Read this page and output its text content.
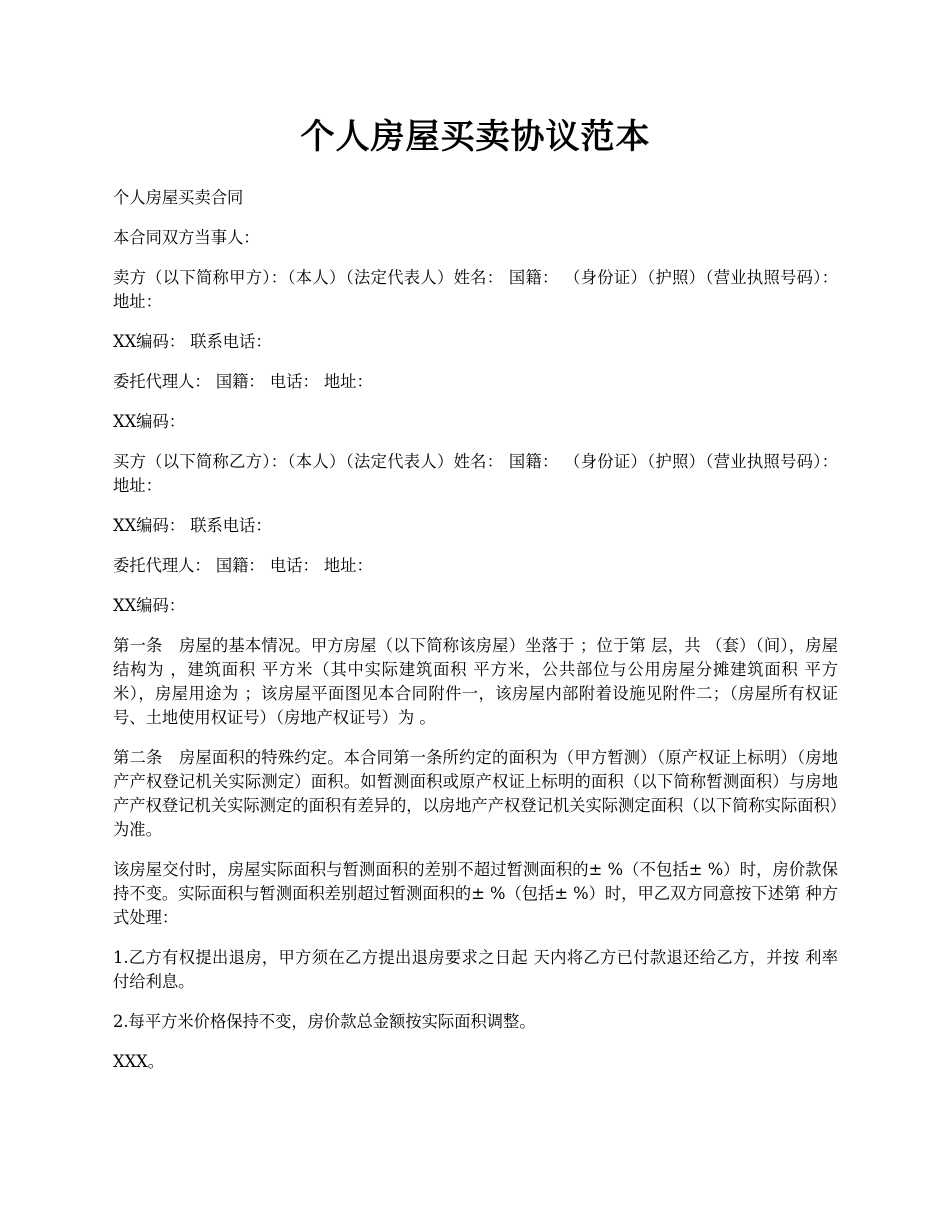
个人房屋买卖协议范本

个人房屋买卖合同

本合同双方当事人：

卖方（以下简称甲方）：（本人）（法定代表人）姓名： 国籍： （身份证）（护照）（营业执照号码）： 地址：

XX编码： 联系电话：

委托代理人： 国籍： 电话： 地址：

XX编码：

买方（以下简称乙方）：（本人）（法定代表人）姓名： 国籍： （身份证）（护照）（营业执照号码）： 地址：

XX编码： 联系电话：

委托代理人： 国籍： 电话： 地址：

XX编码：

第一条　房屋的基本情况。甲方房屋（以下简称该房屋）坐落于 ；位于第 层，共 （套）（间），房屋结构为 ，建筑面积 平方米（其中实际建筑面积 平方米，公共部位与公用房屋分摊建筑面积 平方米），房屋用途为 ；该房屋平面图见本合同附件一，该房屋内部附着设施见附件二；（房屋所有权证号、土地使用权证号）（房地产权证号）为 。

第二条　房屋面积的特殊约定。本合同第一条所约定的面积为（甲方暂测）（原产权证上标明）（房地产产权登记机关实际测定）面积。如暂测面积或原产权证上标明的面积（以下简称暂测面积）与房地产产权登记机关实际测定的面积有差异的，以房地产产权登记机关实际测定面积（以下简称实际面积）为准。

该房屋交付时，房屋实际面积与暂测面积的差别不超过暂测面积的± %（不包括± %）时，房价款保持不变。实际面积与暂测面积差别超过暂测面积的± %（包括± %）时，甲乙双方同意按下述第 种方式处理：

1.乙方有权提出退房，甲方须在乙方提出退房要求之日起 天内将乙方已付款退还给乙方，并按 利率付给利息。

2.每平方米价格保持不变，房价款总金额按实际面积调整。

XXX。
